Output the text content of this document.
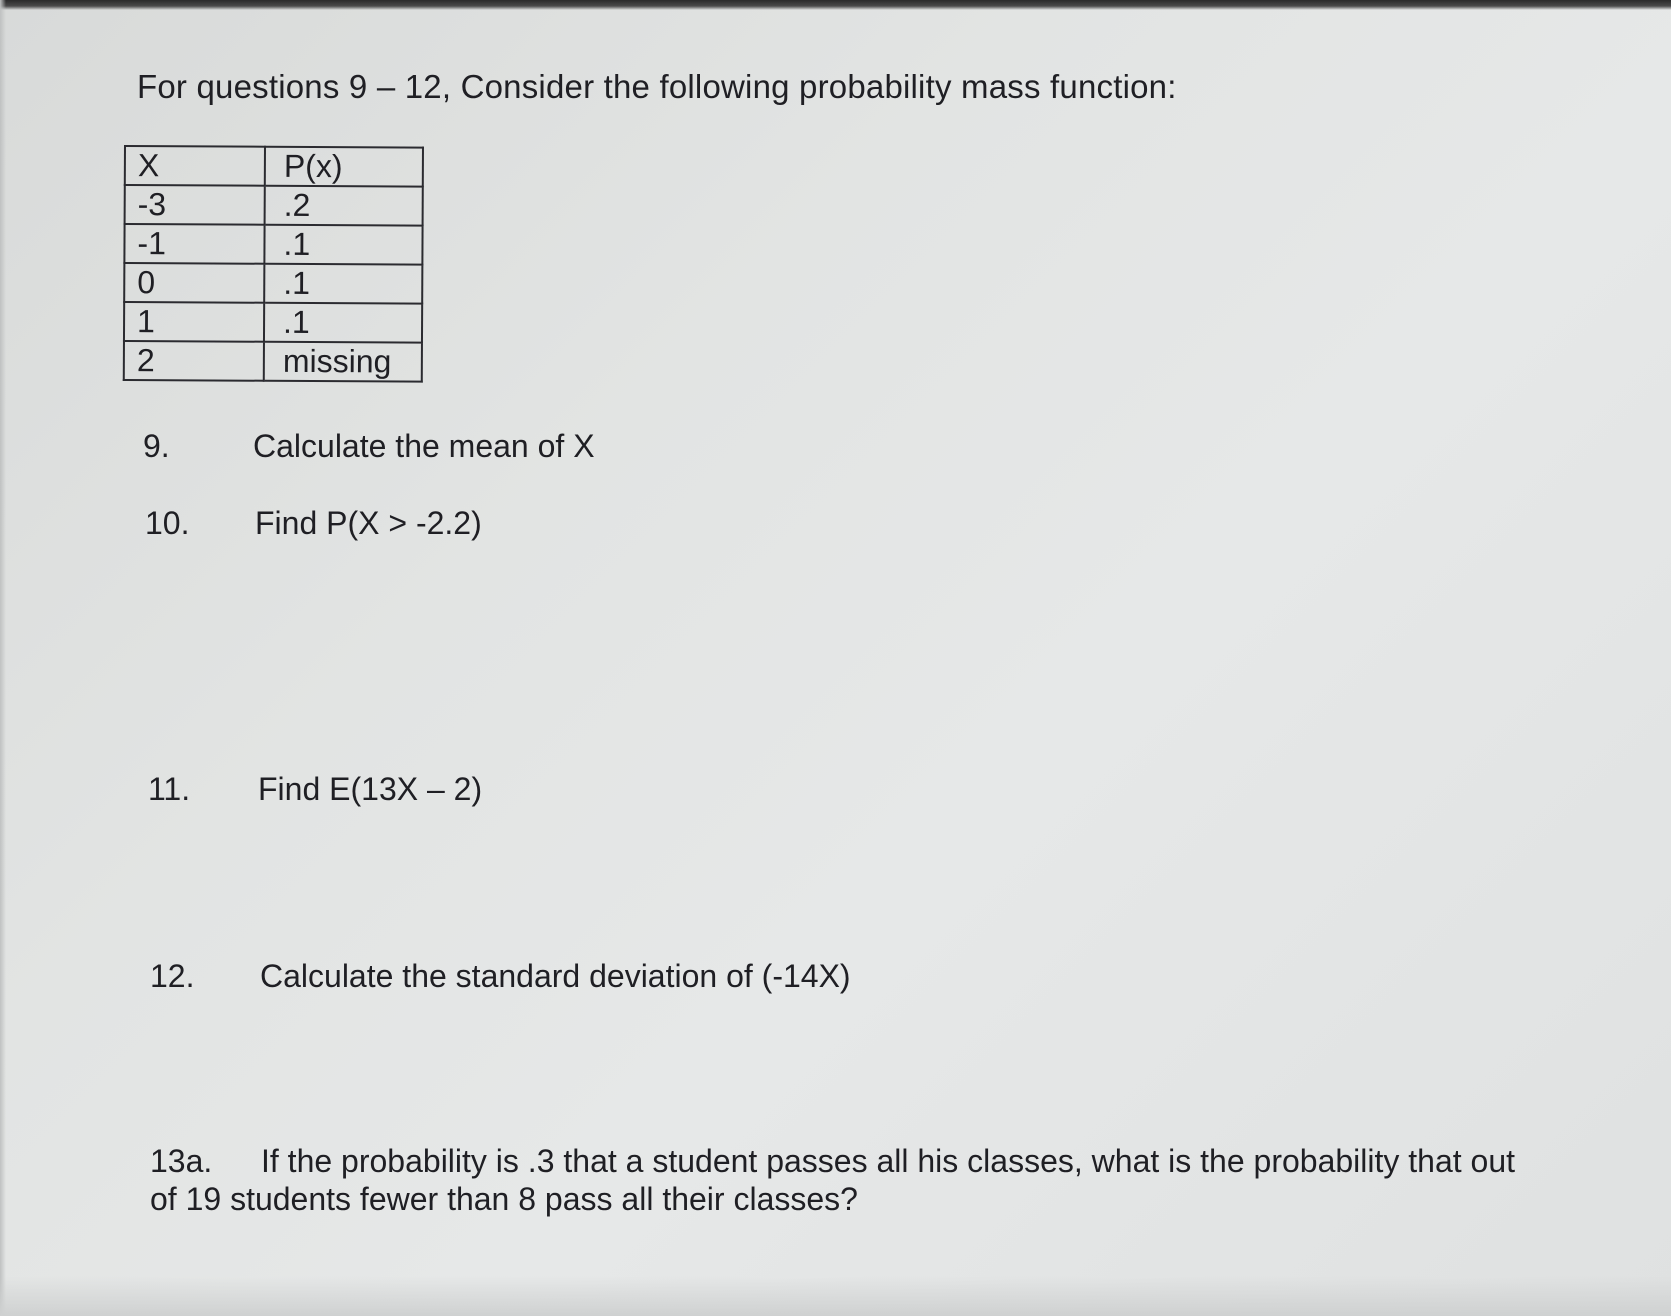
For questions 9 – 12, Consider the following probability mass function:
X	P(x)
-3	.2
-1	.1
0	.1
1	.1
2	missing
9.	Calculate the mean of X
10. Find P(X > -2.2)
11. Find E(13X – 2)
12. Calculate the standard deviation of (-14X)
13a. If the probability is .3 that a student passes all his classes, what is the probability that out of 19 students fewer than 8 pass all their classes?
